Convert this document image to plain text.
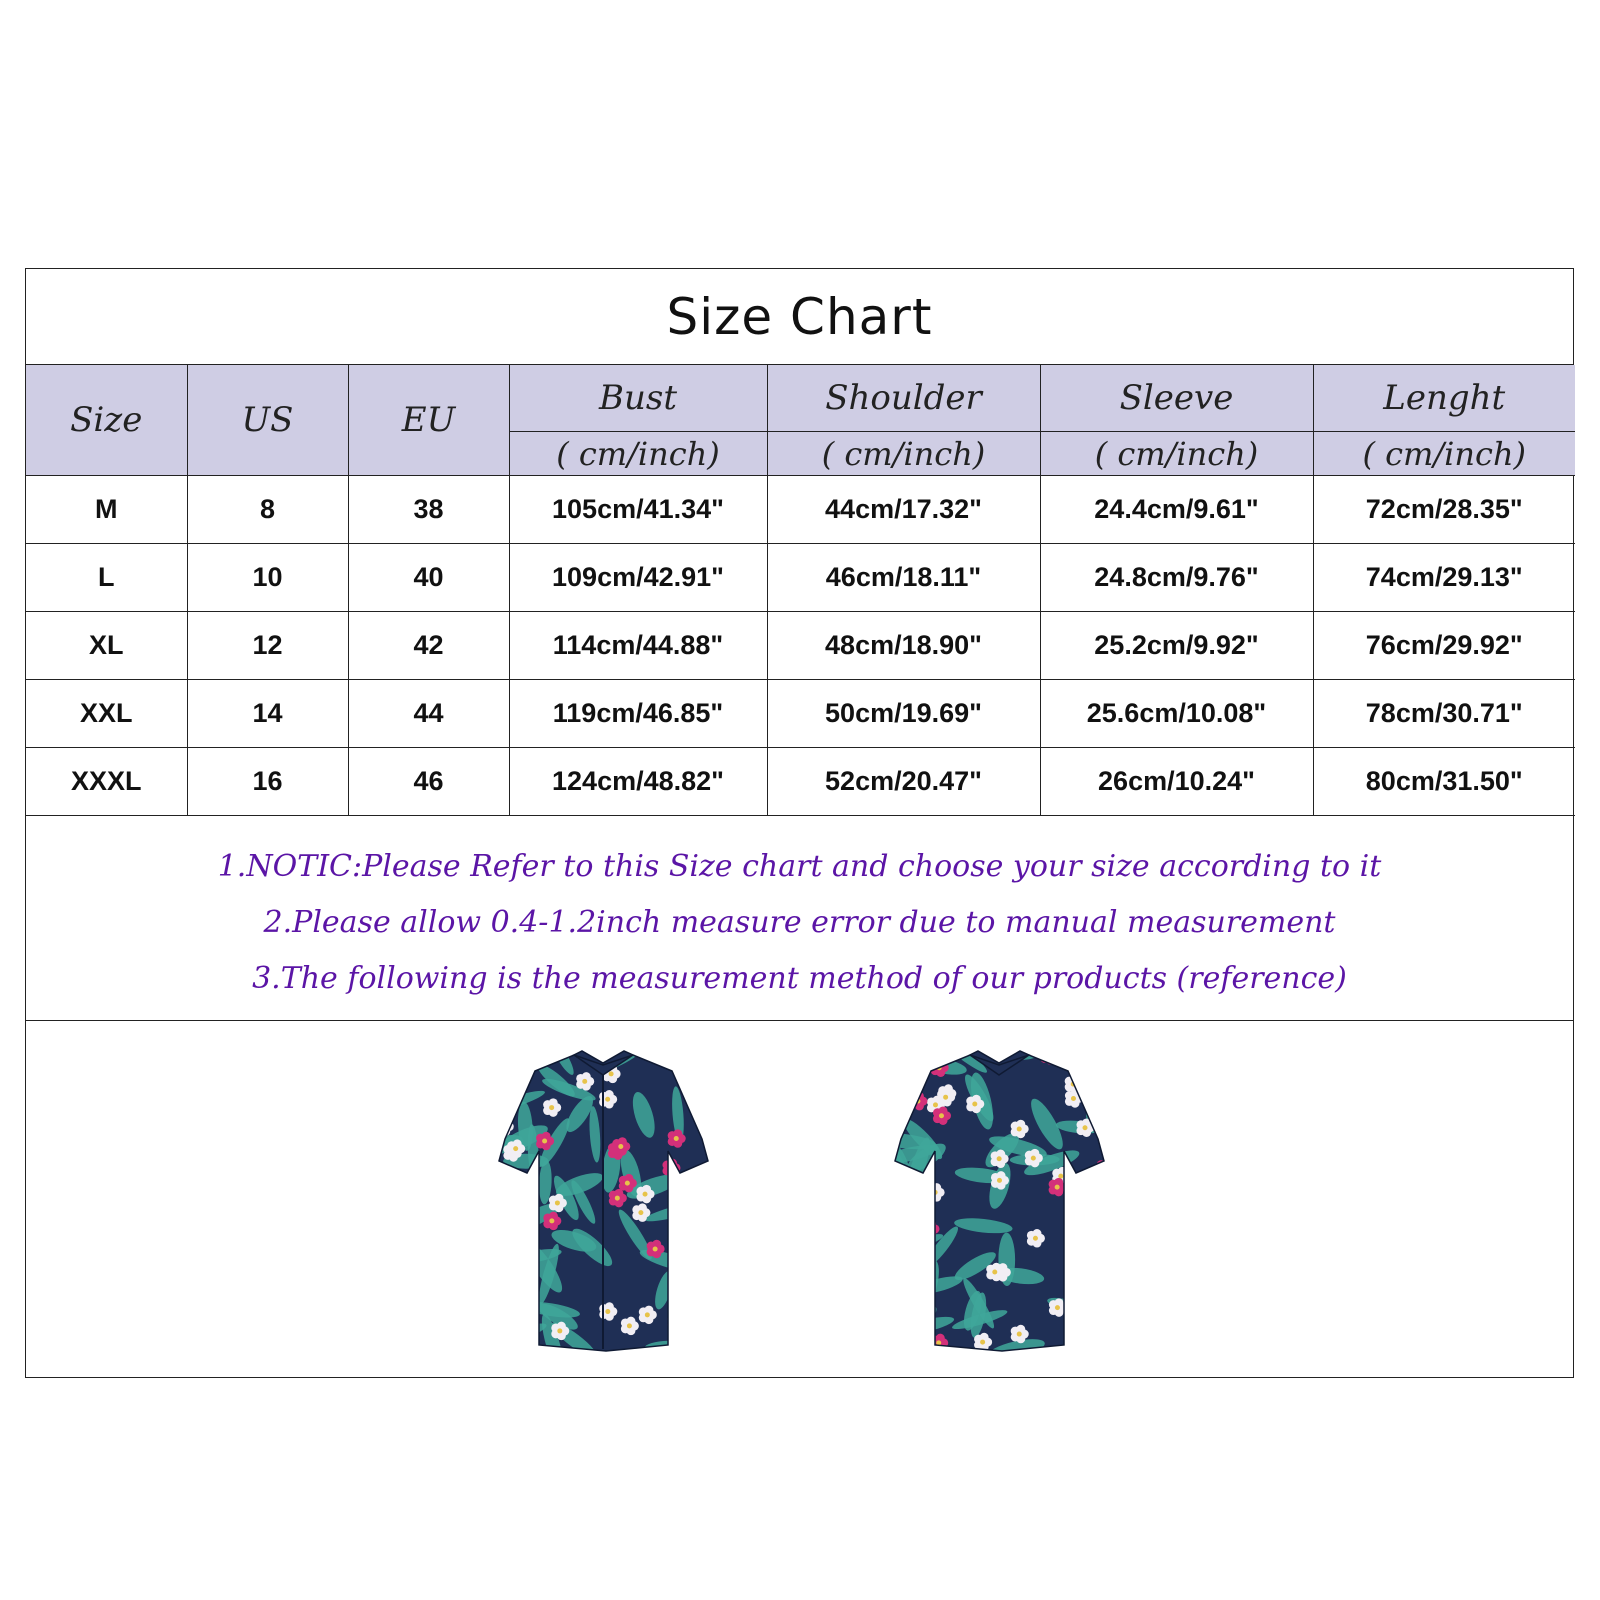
Size Chart
Size	US	EU	Bust	Shoulder	Sleeve	Lenght
			( cm/inch)	( cm/inch)	( cm/inch)	( cm/inch)
M	8	38	105cm/41.34"	44cm/17.32"	24.4cm/9.61"	72cm/28.35"
L	10	40	109cm/42.91"	46cm/18.11"	24.8cm/9.76"	74cm/29.13"
XL	12	42	114cm/44.88"	48cm/18.90"	25.2cm/9.92"	76cm/29.92"
XXL	14	44	119cm/46.85"	50cm/19.69"	25.6cm/10.08"	78cm/30.71"
XXXL	16	46	124cm/48.82"	52cm/20.47"	26cm/10.24"	80cm/31.50"
1.NOTIC:Please Refer to this Size chart and choose your size according to it
2.Please allow 0.4-1.2inch measure error due to manual measurement
3.The following is the measurement method of our products (reference)
